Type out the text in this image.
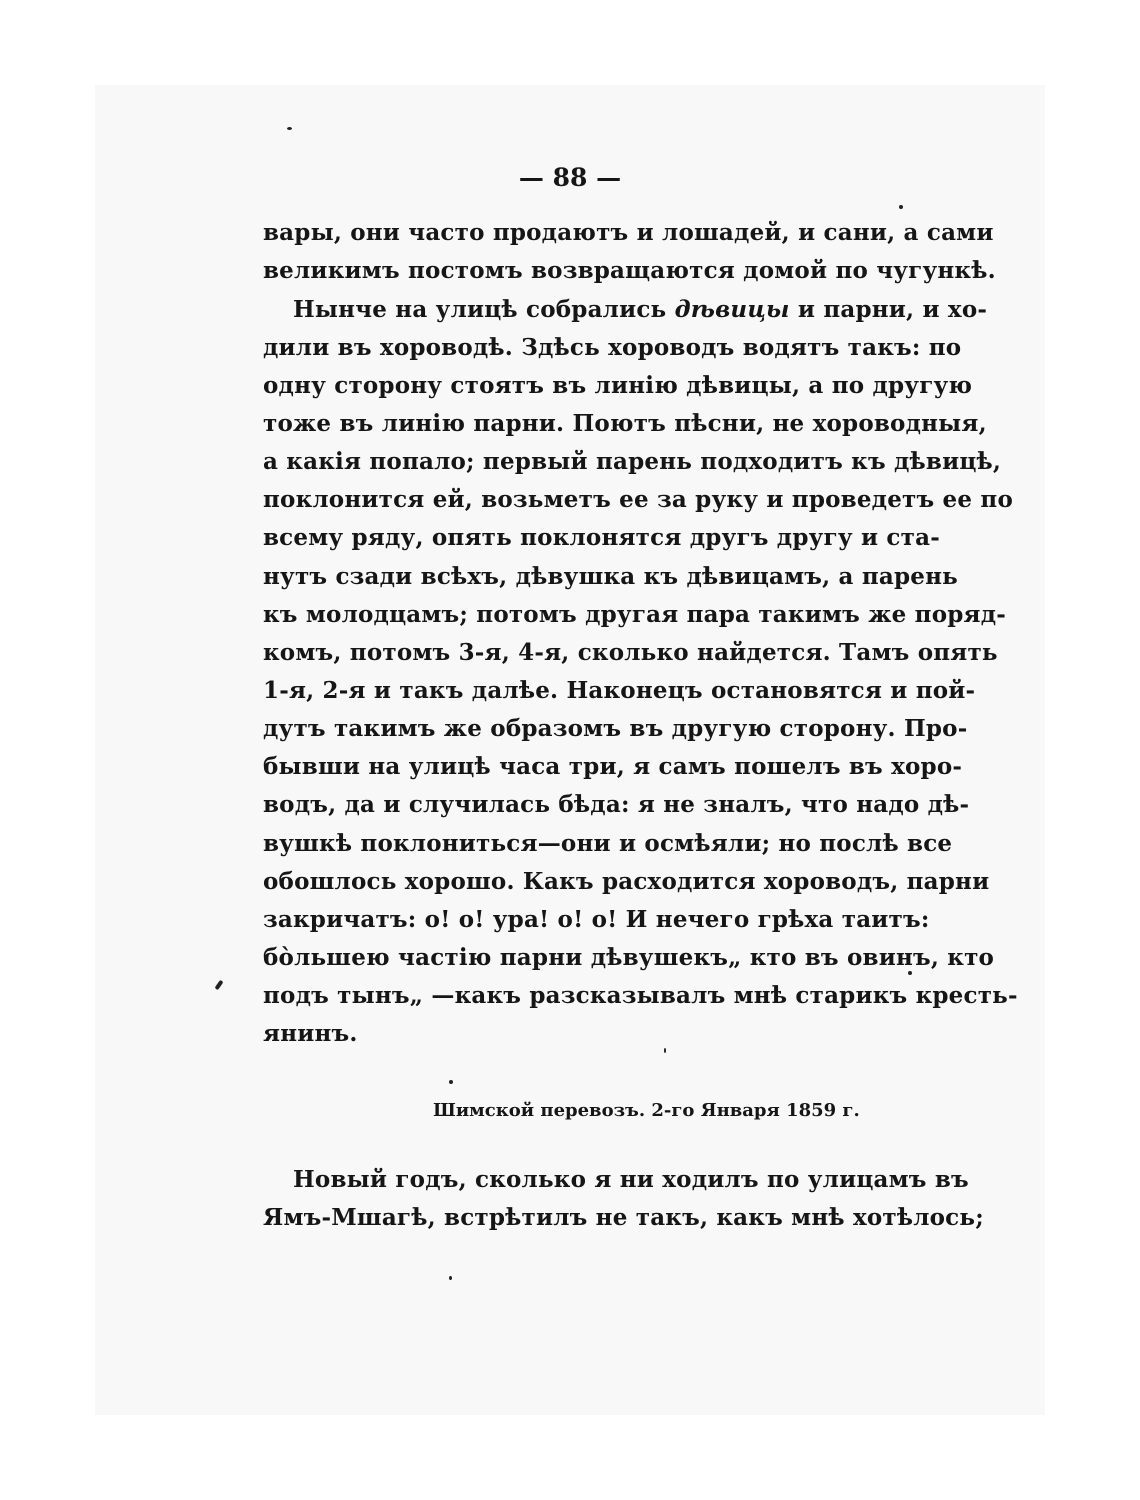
— 88 —
вары, они часто продаютъ и лошадей, и сани, а сами
великимъ постомъ возвращаются домой по чугункѣ.
Нынче на улицѣ собрались дѣвицы и парни, и хо-
дили въ хороводѣ. Здѣсь хороводъ водятъ такъ: по
одну сторону стоятъ въ линію дѣвицы, а по другую
тоже въ линію парни. Поютъ пѣсни, не хороводныя,
а какія попало; первый парень подходитъ къ дѣвицѣ,
поклонится ей, возьметъ ее за руку и проведетъ ее по
всему ряду, опять поклонятся другъ другу и ста-
нутъ сзади всѣхъ, дѣвушка къ дѣвицамъ, а парень
къ молодцамъ; потомъ другая пара такимъ же поряд-
комъ, потомъ 3-я, 4-я, сколько найдется. Тамъ опять
1-я, 2-я и такъ далѣе. Наконецъ остановятся и пой-
дутъ такимъ же образомъ въ другую сторону. Про-
бывши на улицѣ часа три, я самъ пошелъ въ хоро-
водъ, да и случилась бѣда: я не зналъ, что надо дѣ-
вушкѣ поклониться—они и осмѣяли; но послѣ все
обошлось хорошо. Какъ расходится хороводъ, парни
закричатъ: о! о! ура! о! о! И нечего грѣха таитъ:
бо̀льшею частію парни дѣвушекъ„ кто въ овинъ, кто
подъ тынъ„ —какъ разсказывалъ мнѣ старикъ кресть-
янинъ.
Шимской перевозъ. 2-го Января 1859 г.
Новый годъ, сколько я ни ходилъ по улицамъ въ
Ямъ-Мшагѣ, встрѣтилъ не такъ, какъ мнѣ хотѣлось;
